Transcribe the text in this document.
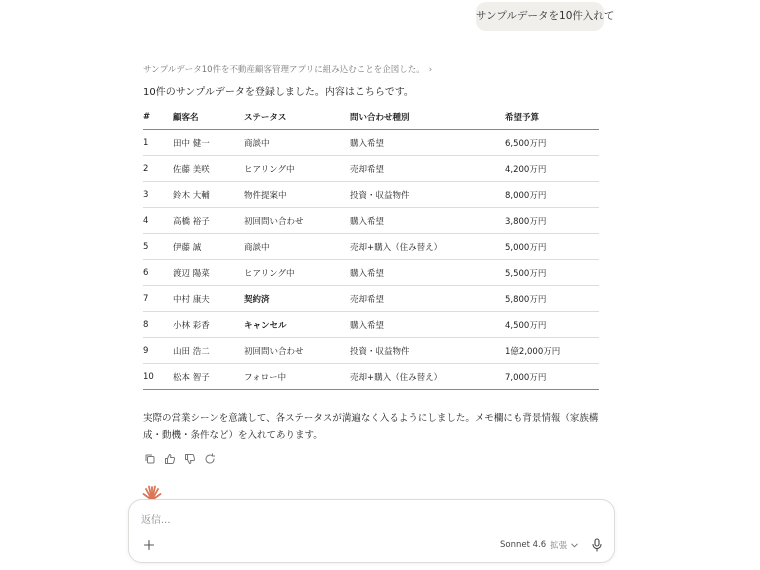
サンプルデータを10件入れて
サンプルデータ10件を不動産顧客管理アプリに組み込むことを企図した。 ›
10件のサンプルデータを登録しました。内容はこちらです。
#	顧客名	ステータス	問い合わせ種別	希望予算
1	田中 健一	商談中	購入希望	6,500万円
2	佐藤 美咲	ヒアリング中	売却希望	4,200万円
3	鈴木 大輔	物件提案中	投資・収益物件	8,000万円
4	高橋 裕子	初回問い合わせ	購入希望	3,800万円
5	伊藤 誠	商談中	売却+購入（住み替え）	5,000万円
6	渡辺 陽菜	ヒアリング中	購入希望	5,500万円
7	中村 康夫	契約済	売却希望	5,800万円
8	小林 彩香	キャンセル	購入希望	4,500万円
9	山田 浩二	初回問い合わせ	投資・収益物件	1億2,000万円
10	松本 智子	フォロー中	売却+購入（住み替え）	7,000万円
実際の営業シーンを意識して、各ステータスが満遍なく入るようにしました。メモ欄にも背景情報（家族構成・動機・条件など）を入れてあります。
返信...
Sonnet 4.6 拡張
